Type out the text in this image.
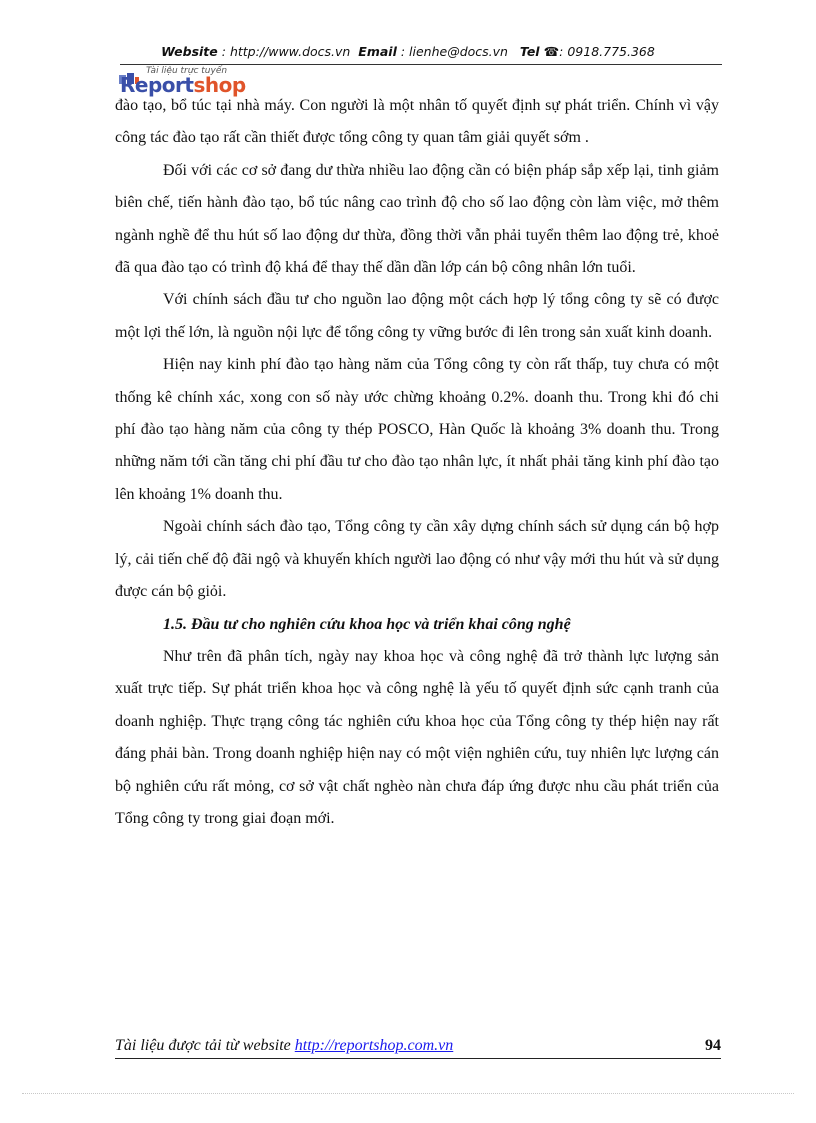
Website : http://www.docs.vn Email : lienhe@docs.vn Tel ☎: 0918.775.368
Tài liệu trực tuyến
Reportshop

đào tạo, bổ túc tại nhà máy. Con người là một nhân tố quyết định sự phát triển. Chính vì vậy công tác đào tạo rất cần thiết được tổng công ty quan tâm giải quyết sớm .

Đối với các cơ sở đang dư thừa nhiều lao động cần có biện pháp sắp xếp lại, tinh giảm biên chế, tiến hành đào tạo, bổ túc nâng cao trình độ cho số lao động còn làm việc, mở thêm ngành nghề để thu hút số lao động dư thừa, đồng thời vẫn phải tuyển thêm lao động trẻ, khoẻ đã qua đào tạo có trình độ khá để thay thế dần dần lớp cán bộ công nhân lớn tuổi.

Với chính sách đầu tư cho nguồn lao động một cách hợp lý tổng công ty sẽ có được một lợi thế lớn, là nguồn nội lực để tổng công ty vững bước đi lên trong sản xuất kinh doanh.

Hiện nay kinh phí đào tạo hàng năm của Tổng công ty còn rất thấp, tuy chưa có một thống kê chính xác, xong con số này ước chừng khoảng 0.2%. doanh thu. Trong khi đó chi phí đào tạo hàng năm của công ty thép POSCO, Hàn Quốc là khoảng 3% doanh thu. Trong những năm tới cần tăng chi phí đầu tư cho đào tạo nhân lực, ít nhất phải tăng kinh phí đào tạo lên khoảng 1% doanh thu.

Ngoài chính sách đào tạo, Tổng công ty cần xây dựng chính sách sử dụng cán bộ hợp lý, cải tiến chế độ đãi ngộ và khuyến khích người lao động có như vậy mới thu hút và sử dụng được cán bộ giỏi.

1.5. Đầu tư cho nghiên cứu khoa học và triển khai công nghệ

Như trên đã phân tích, ngày nay khoa học và công nghệ đã trở thành lực lượng sản xuất trực tiếp. Sự phát triển khoa học và công nghệ là yếu tố quyết định sức cạnh tranh của doanh nghiệp. Thực trạng công tác nghiên cứu khoa học của Tổng công ty thép hiện nay rất đáng phải bàn. Trong doanh nghiệp hiện nay có một viện nghiên cứu, tuy nhiên lực lượng cán bộ nghiên cứu rất mỏng, cơ sở vật chất nghèo nàn chưa đáp ứng được nhu cầu phát triển của Tổng công ty trong giai đoạn mới.

Tài liệu được tải từ website http://reportshop.com.vn	94
